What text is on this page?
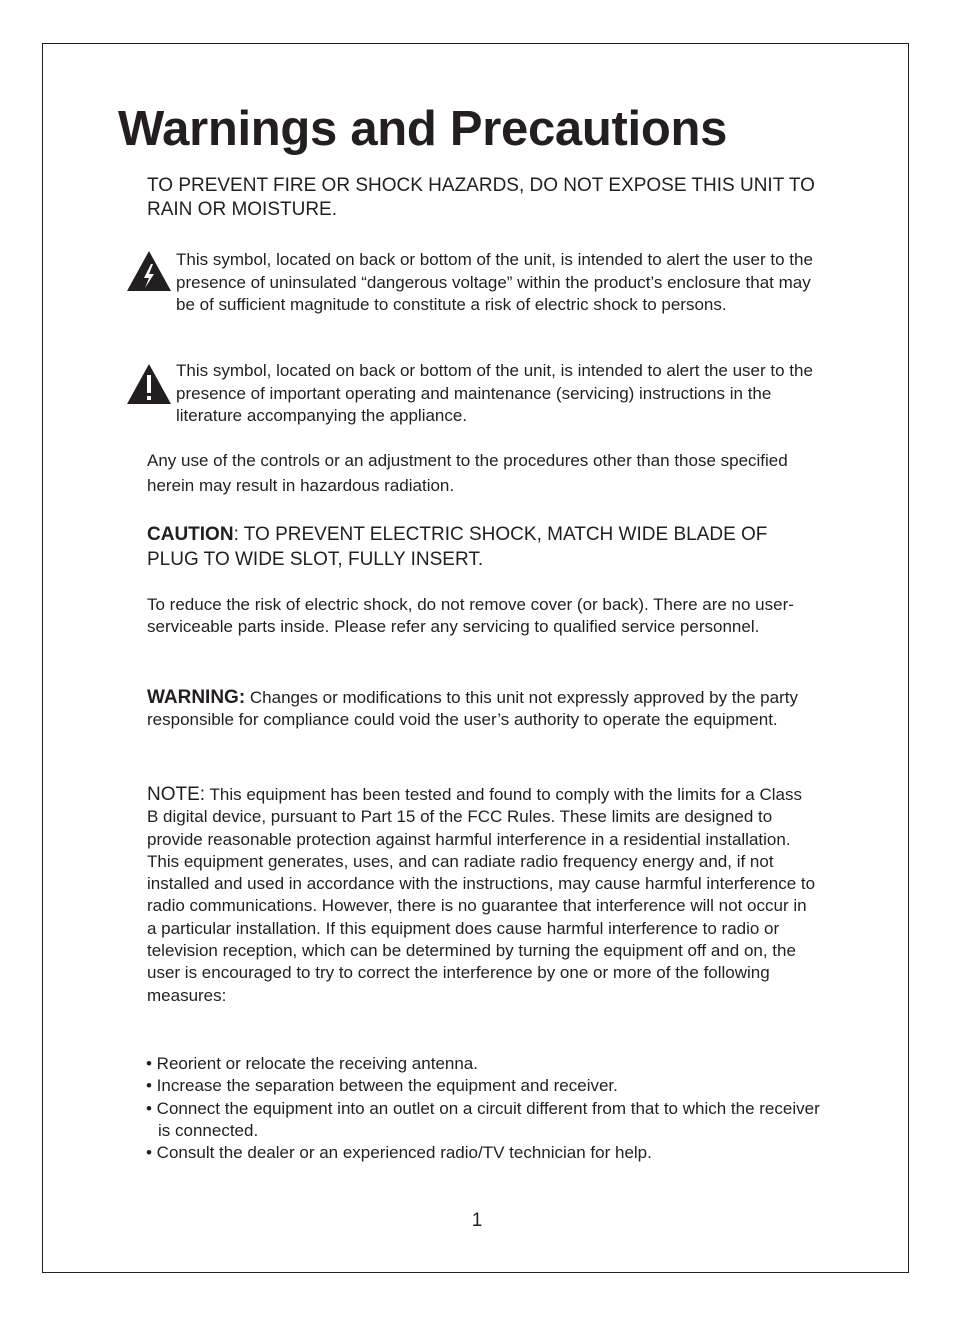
Warnings and Precautions
TO PREVENT FIRE OR SHOCK HAZARDS, DO NOT EXPOSE THIS UNIT TO RAIN OR MOISTURE.
This symbol, located on back or bottom of the unit, is intended to alert the user to the presence of uninsulated “dangerous voltage” within the product’s enclosure that may be of sufficient magnitude to constitute a risk of electric shock to persons.
This symbol, located on back or bottom of the unit, is intended to alert the user to the presence of important operating and maintenance (servicing) instructions in the literature accompanying the appliance.
Any use of the controls or an adjustment to the procedures other than those specified herein may result in hazardous radiation.
CAUTION: TO PREVENT ELECTRIC SHOCK, MATCH WIDE BLADE OF PLUG TO WIDE SLOT, FULLY INSERT.
To reduce the risk of electric shock, do not remove cover (or back). There are no user-serviceable parts inside. Please refer any servicing to qualified service personnel.
WARNING: Changes or modifications to this unit not expressly approved by the party responsible for compliance could void the user’s authority to operate the equipment.
NOTE: This equipment has been tested and found to comply with the limits for a Class B digital device, pursuant to Part 15 of the FCC Rules. These limits are designed to provide reasonable protection against harmful interference in a residential installation. This equipment generates, uses, and can radiate radio frequency energy and, if not installed and used in accordance with the instructions, may cause harmful interference to radio communications. However, there is no guarantee that interference will not occur in a particular installation. If this equipment does cause harmful interference to radio or television reception, which can be determined by turning the equipment off and on, the user is encouraged to try to correct the interference by one or more of the following measures:
• Reorient or relocate the receiving antenna.
• Increase the separation between the equipment and receiver.
• Connect the equipment into an outlet on a circuit different from that to which the receiver is connected.
• Consult the dealer or an experienced radio/TV technician for help.
1
